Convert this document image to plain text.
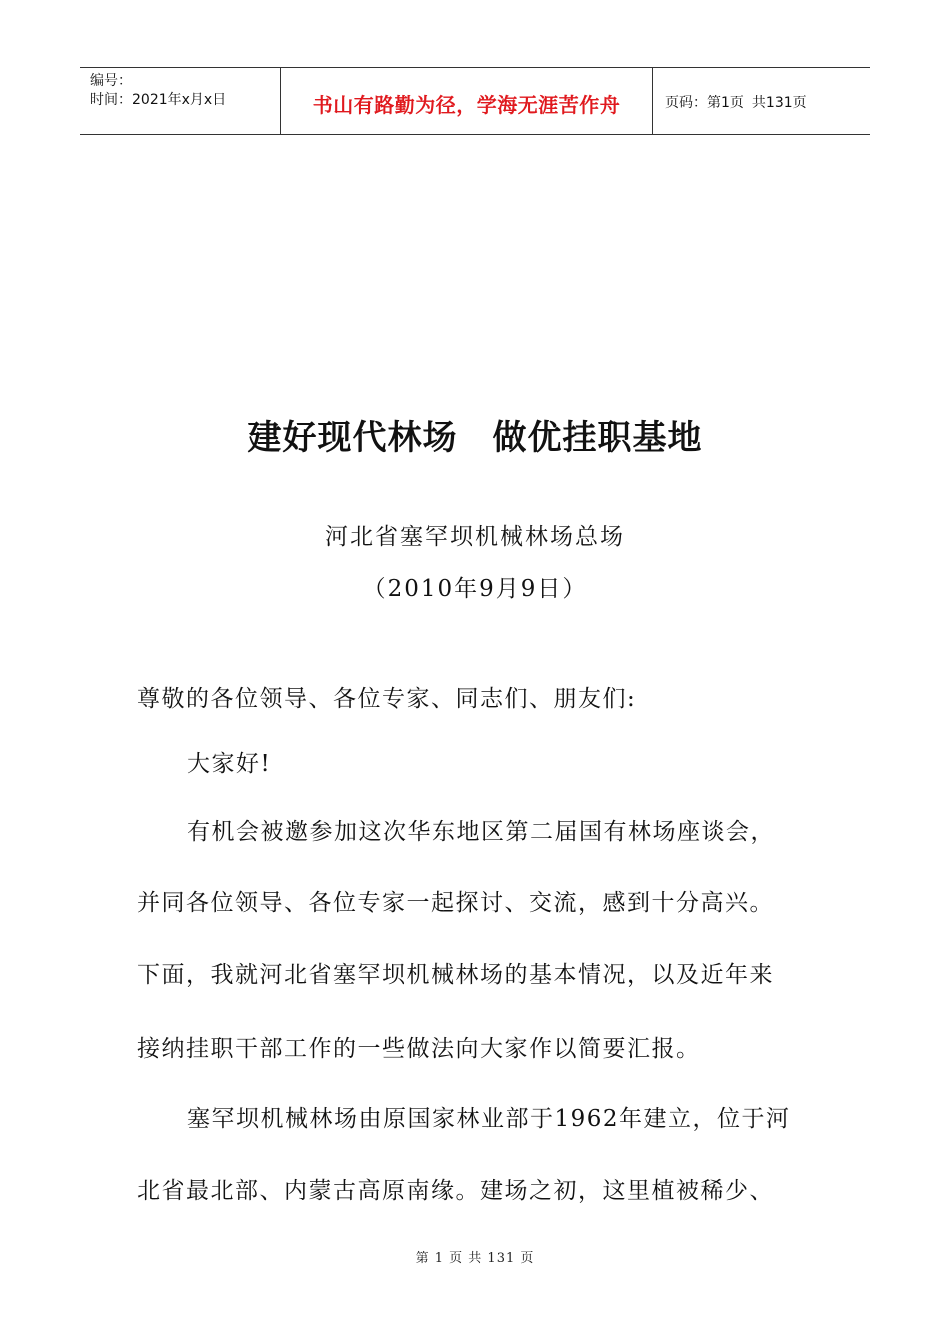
编号：
时间：2021年x月x日	书山有路勤为径，学海无涯苦作舟	页码：第1页 共131页
建好现代林场　做优挂职基地
河北省塞罕坝机械林场总场
（2010年9月9日）
尊敬的各位领导、各位专家、同志们、朋友们:
大家好!
有机会被邀参加这次华东地区第二届国有林场座谈会，
并同各位领导、各位专家一起探讨、交流，感到十分高兴。
下面，我就河北省塞罕坝机械林场的基本情况，以及近年来
接纳挂职干部工作的一些做法向大家作以简要汇报。
塞罕坝机械林场由原国家林业部于1962年建立，位于河
北省最北部、内蒙古高原南缘。建场之初，这里植被稀少、
第 1 页 共 131 页
